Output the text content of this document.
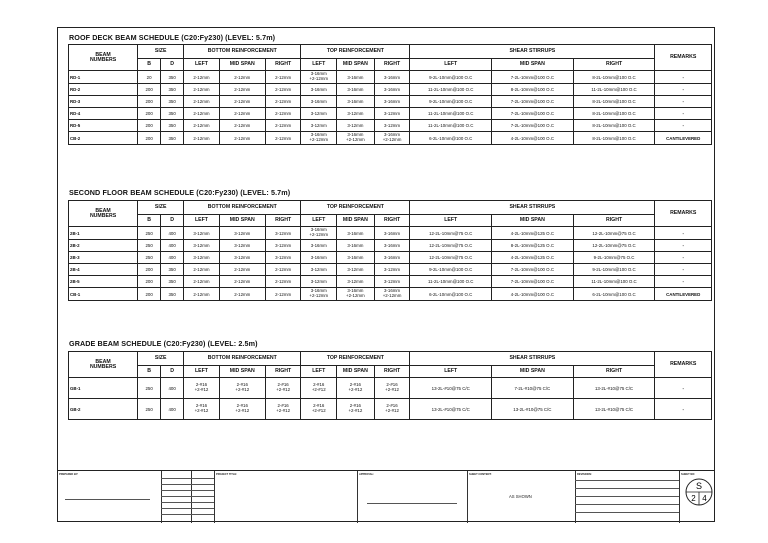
ROOF DECK BEAM SCHEDULE (C20:Fy230) (LEVEL: 5.7m)
BEAM
NUMBERS	SIZE		BOTTOM REINFORCEMENT			TOP REINFORCEMENT			SHEAR STIRRUPS			REMARKS
	B	D	LEFT	MID SPAN	RIGHT	LEFT	MID SPAN	RIGHT	LEFT	MID SPAN	RIGHT	
RD-1	20	350	2-12mm	2-12mm	2-12mm	3-16mm
+2-12mm	3-16mm	3-16mm	9-2L-10mm@100 O.C	7-2L-10mm@100 O.C	8-2L-10mm@100 O.C	-
RD-2	200	350	2-12mm	2-12mm	2-12mm	3-16mm	3-16mm	3-16mm	11-2L-10mm@100 O.C	8-2L-10mm@100 O.C	11-2L-10mm@100 O.C	-
RD-3	200	350	2-12mm	2-12mm	2-12mm	3-16mm	3-16mm	3-16mm	9-2L-10mm@100 O.C	7-2L-10mm@100 O.C	8-2L-10mm@100 O.C	-
RD-4	200	350	2-12mm	2-12mm	2-12mm	3-12mm	3-12mm	3-12mm	11-2L-10mm@100 O.C	7-2L-10mm@100 O.C	8-2L-10mm@100 O.C	-
RD-5	200	350	2-12mm	2-12mm	2-12mm	3-12mm	3-12mm	3-12mm	11-2L-10mm@100 O.C	7-2L-10mm@100 O.C	8-2L-10mm@100 O.C	-
CB-2	200	350	2-12mm	2-12mm	2-12mm	3-16mm
+2-12mm	3-16mm
+2-12mm	3-16mm
+2-12mm	6-2L-10mm@100 O.C	4-2L-10mm@100 O.C	8-2L-10mm@100 O.C	CANTILEVERED
SECOND FLOOR BEAM SCHEDULE (C20:Fy230) (LEVEL: 5.7m)
BEAM
NUMBERS	SIZE		BOTTOM REINFORCEMENT			TOP REINFORCEMENT			SHEAR STIRRUPS			REMARKS
	B	D	LEFT	MID SPAN	RIGHT	LEFT	MID SPAN	RIGHT	LEFT	MID SPAN	RIGHT	
2B-1	250	400	3-12mm	3-12mm	3-12mm	3-16mm
+2-12mm	3-16mm	3-16mm	12-2L-10mm@75 O.C	4-2L-10mm@125 O.C	12-2L-10mm@75 O.C	-
2B-2	250	400	3-12mm	3-12mm	3-12mm	3-16mm	3-16mm	3-16mm	12-2L-10mm@75 O.C	8-2L-10mm@125 O.C	12-2L-10mm@75 O.C	-
2B-3	250	400	3-12mm	3-12mm	3-12mm	3-16mm	3-16mm	3-16mm	12-2L-10mm@75 O.C	4-2L-10mm@125 O.C	9-2L-10mm@75 O.C	-
2B-4	200	350	2-12mm	2-12mm	2-12mm	3-12mm	3-12mm	3-12mm	9-2L-10mm@100 O.C	7-2L-10mm@100 O.C	9-2L-10mm@100 O.C	-
2B-5	200	350	2-12mm	2-12mm	2-12mm	3-12mm	3-12mm	3-12mm	11-2L-10mm@100 O.C	7-2L-10mm@100 O.C	11-2L-10mm@100 O.C	-
CB-1	200	350	2-12mm	2-12mm	2-12mm	3-16mm
+2-12mm	3-16mm
+2-12mm	3-16mm
+2-12mm	6-2L-10mm@100 O.C	4-2L-10mm@100 O.C	6-2L-10mm@100 O.C	CANTILEVERED
GRADE BEAM SCHEDULE (C20:Fy230) (LEVEL: 2.5m)
BEAM
NUMBERS	SIZE		BOTTOM REINFORCEMENT			TOP REINFORCEMENT			SHEAR STIRRUPS			REMARKS
	B	D	LEFT	MID SPAN	RIGHT	LEFT	MID SPAN	RIGHT	LEFT	MID SPAN	RIGHT	
GB-1	250	400	2-#16
+2-#12	2-#16
+2-#12	2-#16
+2-#12	2-#16
+2-#12	2-#16
+2-#12	2-#16
+2-#12	13-2L-#10@75 C/C	7-2L-#10@75 C/C	13-2L-#10@75 C/C	-
GB-2	250	400	2-#16
+2-#12	2-#16
+2-#12	2-#16
+2-#12	2-#16
+2-#12	2-#16
+2-#12	2-#16
+2-#12	13-2L-#10@75 C/C	13-2L-#10@75 C/C	13-2L-#10@75 C/C	-
PREPARED BY:	PROJECT TITLE:	APPROVAL:	SHEET CONTENT:	REVISIONS:	SHEET NO:
AS SHOWN
S
2 4
